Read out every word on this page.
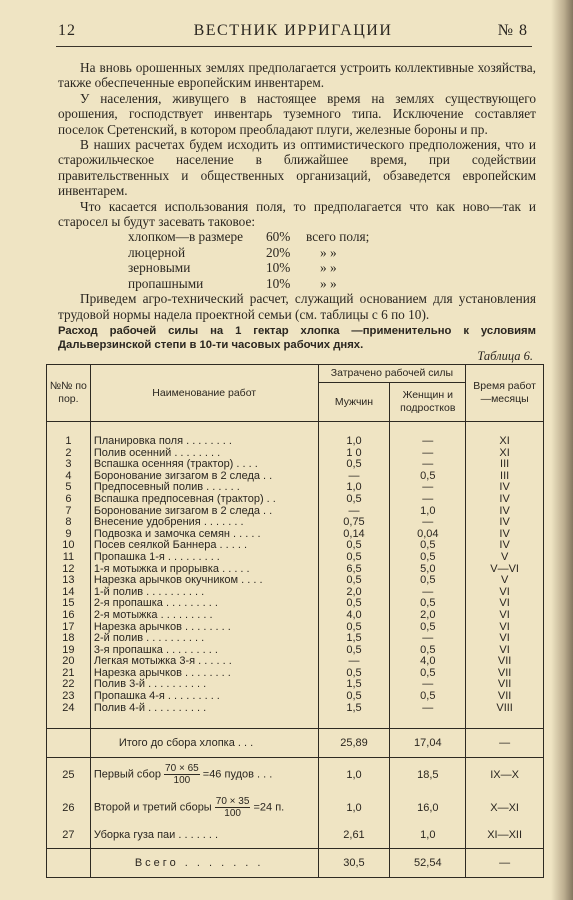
12	ВЕСТНИК ИРРИГАЦИИ	№ 8

На вновь орошенных землях предполагается устроить коллективные хозяйства, также обеспеченные европейским инвентарем.

У населения, живущего в настоящее время на землях существующего орошения, господствует инвентарь туземного типа. Исключение составляет поселок Сретенский, в котором преобладают плуги, железные бороны и пр.

В наших расчетах будем исходить из оптимистического предположения, что и старожильческое население в ближайшее время, при содействии правительственных и общественных организаций, обзаведется европейским инвентарем.

Что касается использования поля, то предполагается что как ново—так и старосел ы будут засевать таковое:

хлопком—в размере 60% всего поля;
люцерной	20% » »
зерновыми	10% » »
пропашными	10% » »

Приведем агро-технический расчет, служащий основанием для установления трудовой нормы надела проектной семьи (см. таблицы с 6 по 10).

Расход рабочей силы на 1 гектар хлопка —применительно к условиям Дальверзинской степи в 10-ти часовых рабочих днях.
Таблица 6.
№№ по пор.	Наименование работ	Затрачено рабочей силы		Время работ—месяцы
		Мужчин	Женщин и подростков	

1	Планировка поля . . . . . . . .	1,0	—	XI
2	Полив осенний . . . . . . . .	1 0	—	XI
3	Вспашка осенняя (трактор) . . . .	0,5	—	III
4	Боронование зигзагом в 2 следа . .	—	0,5	III
5	Предпосевный полив . . . . . .	1,0	—	IV
6	Вспашка предпосевная (трактор) . .	0,5	—	IV
7	Боронование зигзагом в 2 следа . .	—	1,0	IV
8	Внесение удобрения . . . . . . .	0,75	—	IV
9	Подвозка и замочка семян . . . . .	0,14	0,04	IV
10	Посев сеялкой Баннера . . . . .	0,5	0,5	IV
11	Пропашка 1-я . . . . . . . . .	0,5	0,5	V
12	1-я мотыжка и прорывка . . . . .	6,5	5,0	V—VI
13	Нарезка арычков окучником . . . .	0,5	0,5	V
14	1-й полив . . . . . . . . . .	2,0	—	VI
15	2-я пропашка . . . . . . . . .	0,5	0,5	VI
16	2-я мотыжка . . . . . . . . .	4,0	2,0	VI
17	Нарезка арычков . . . . . . . .	0,5	0,5	VI
18	2-й полив . . . . . . . . . .	1,5	—	VI
19	3-я пропашка . . . . . . . . .	0,5	0,5	VI
20	Легкая мотыжка 3-я . . . . . .	—	4,0	VII
21	Нарезка арычков . . . . . . . .	0,5	0,5	VII
22	Полив 3-й . . . . . . . . . .	1,5	—	VII
23	Пропашка 4-я . . . . . . . . .	0,5	0,5	VII
24	Полив 4-й . . . . . . . . . .	1,5	—	VIII

	Итого до сбора хлопка . . .	25,89	17,04	—
25	Первый сбор $\frac{70 \times 65}{100} =46$ пудов . . .	1,0	18,5	IX—X
26	Второй и третий сборы $\frac{70 \times 35}{100} =24$ п.	1,0	16,0	X—XI
27	Уборка гуза паи . . . . . . .	2,61	1,0	XI—XII
	Всего . . . . . . .	30,5	52,54	—
